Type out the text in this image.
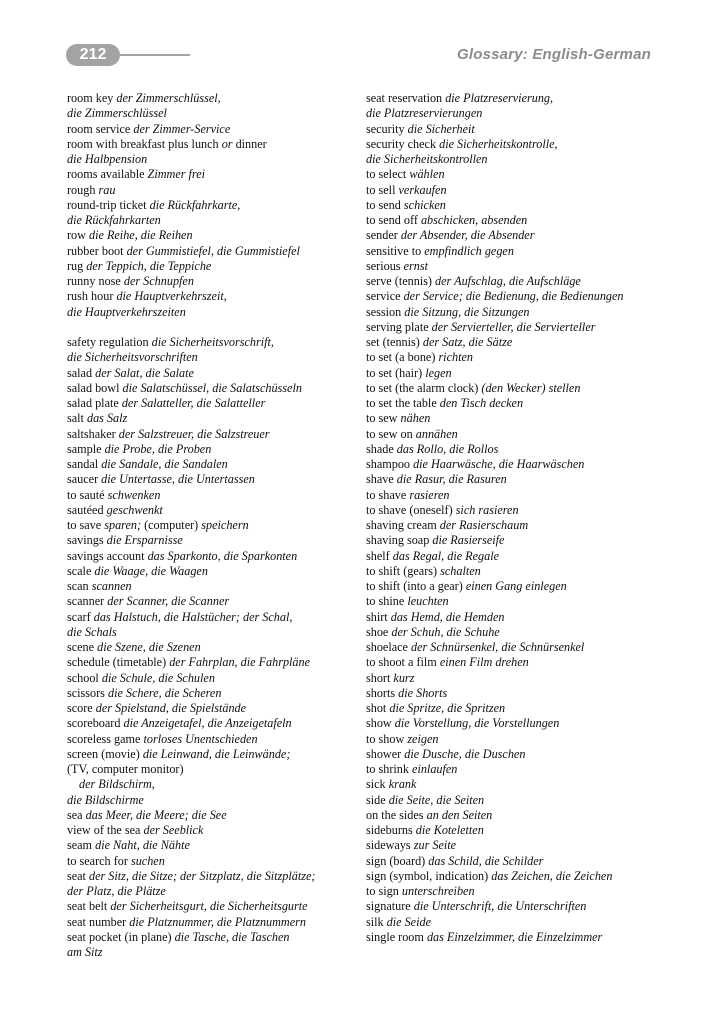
212	Glossary: English-German
room key der Zimmerschlüssel,
die Zimmerschlüssel
room service der Zimmer-Service
room with breakfast plus lunch or dinner
die Halbpension
rooms available Zimmer frei
rough rau
round-trip ticket die Rückfahrkarte,
die Rückfahrkarten
row die Reihe, die Reihen
rubber boot der Gummistiefel, die Gummistiefel
rug der Teppich, die Teppiche
runny nose der Schnupfen
rush hour die Hauptverkehrszeit,
die Hauptverkehrszeiten
safety regulation die Sicherheitsvorschrift,
die Sicherheitsvorschriften
salad der Salat, die Salate
salad bowl die Salatschüssel, die Salatschüsseln
salad plate der Salatteller, die Salatteller
salt das Salz
saltshaker der Salzstreuer, die Salzstreuer
sample die Probe, die Proben
sandal die Sandale, die Sandalen
saucer die Untertasse, die Untertassen
to sauté schwenken
sautéed geschwenkt
to save sparen; (computer) speichern
savings die Ersparnisse
savings account das Sparkonto, die Sparkonten
scale die Waage, die Waagen
scan scannen
scanner der Scanner, die Scanner
scarf das Halstuch, die Halstücher; der Schal,
die Schals
scene die Szene, die Szenen
schedule (timetable) der Fahrplan, die Fahrpläne
school die Schule, die Schulen
scissors die Schere, die Scheren
score der Spielstand, die Spielstände
scoreboard die Anzeigetafel, die Anzeigetafeln
scoreless game torloses Unentschieden
screen (movie) die Leinwand, die Leinwände;
(TV, computer monitor)
der Bildschirm,
die Bildschirme
sea das Meer, die Meere; die See
view of the sea der Seeblick
seam die Naht, die Nähte
to search for suchen
seat der Sitz, die Sitze; der Sitzplatz, die Sitzplätze;
der Platz, die Plätze
seat belt der Sicherheitsgurt, die Sicherheitsgurte
seat number die Platznummer, die Platznummern
seat pocket (in plane) die Tasche, die Taschen
am Sitz
seat reservation die Platzreservierung,
die Platzreservierungen
security die Sicherheit
security check die Sicherheitskontrolle,
die Sicherheitskontrollen
to select wählen
to sell verkaufen
to send schicken
to send off abschicken, absenden
sender der Absender, die Absender
sensitive to empfindlich gegen
serious ernst
serve (tennis) der Aufschlag, die Aufschläge
service der Service; die Bedienung, die Bedienungen
session die Sitzung, die Sitzungen
serving plate der Servierteller, die Servierteller
set (tennis) der Satz, die Sätze
to set (a bone) richten
to set (hair) legen
to set (the alarm clock) (den Wecker) stellen
to set the table den Tisch decken
to sew nähen
to sew on annähen
shade das Rollo, die Rollos
shampoo die Haarwäsche, die Haarwäschen
shave die Rasur, die Rasuren
to shave rasieren
to shave (oneself) sich rasieren
shaving cream der Rasierschaum
shaving soap die Rasierseife
shelf das Regal, die Regale
to shift (gears) schalten
to shift (into a gear) einen Gang einlegen
to shine leuchten
shirt das Hemd, die Hemden
shoe der Schuh, die Schuhe
shoelace der Schnürsenkel, die Schnürsenkel
to shoot a film einen Film drehen
short kurz
shorts die Shorts
shot die Spritze, die Spritzen
show die Vorstellung, die Vorstellungen
to show zeigen
shower die Dusche, die Duschen
to shrink einlaufen
sick krank
side die Seite, die Seiten
on the sides an den Seiten
sideburns die Koteletten
sideways zur Seite
sign (board) das Schild, die Schilder
sign (symbol, indication) das Zeichen, die Zeichen
to sign unterschreiben
signature die Unterschrift, die Unterschriften
silk die Seide
single room das Einzelzimmer, die Einzelzimmer
